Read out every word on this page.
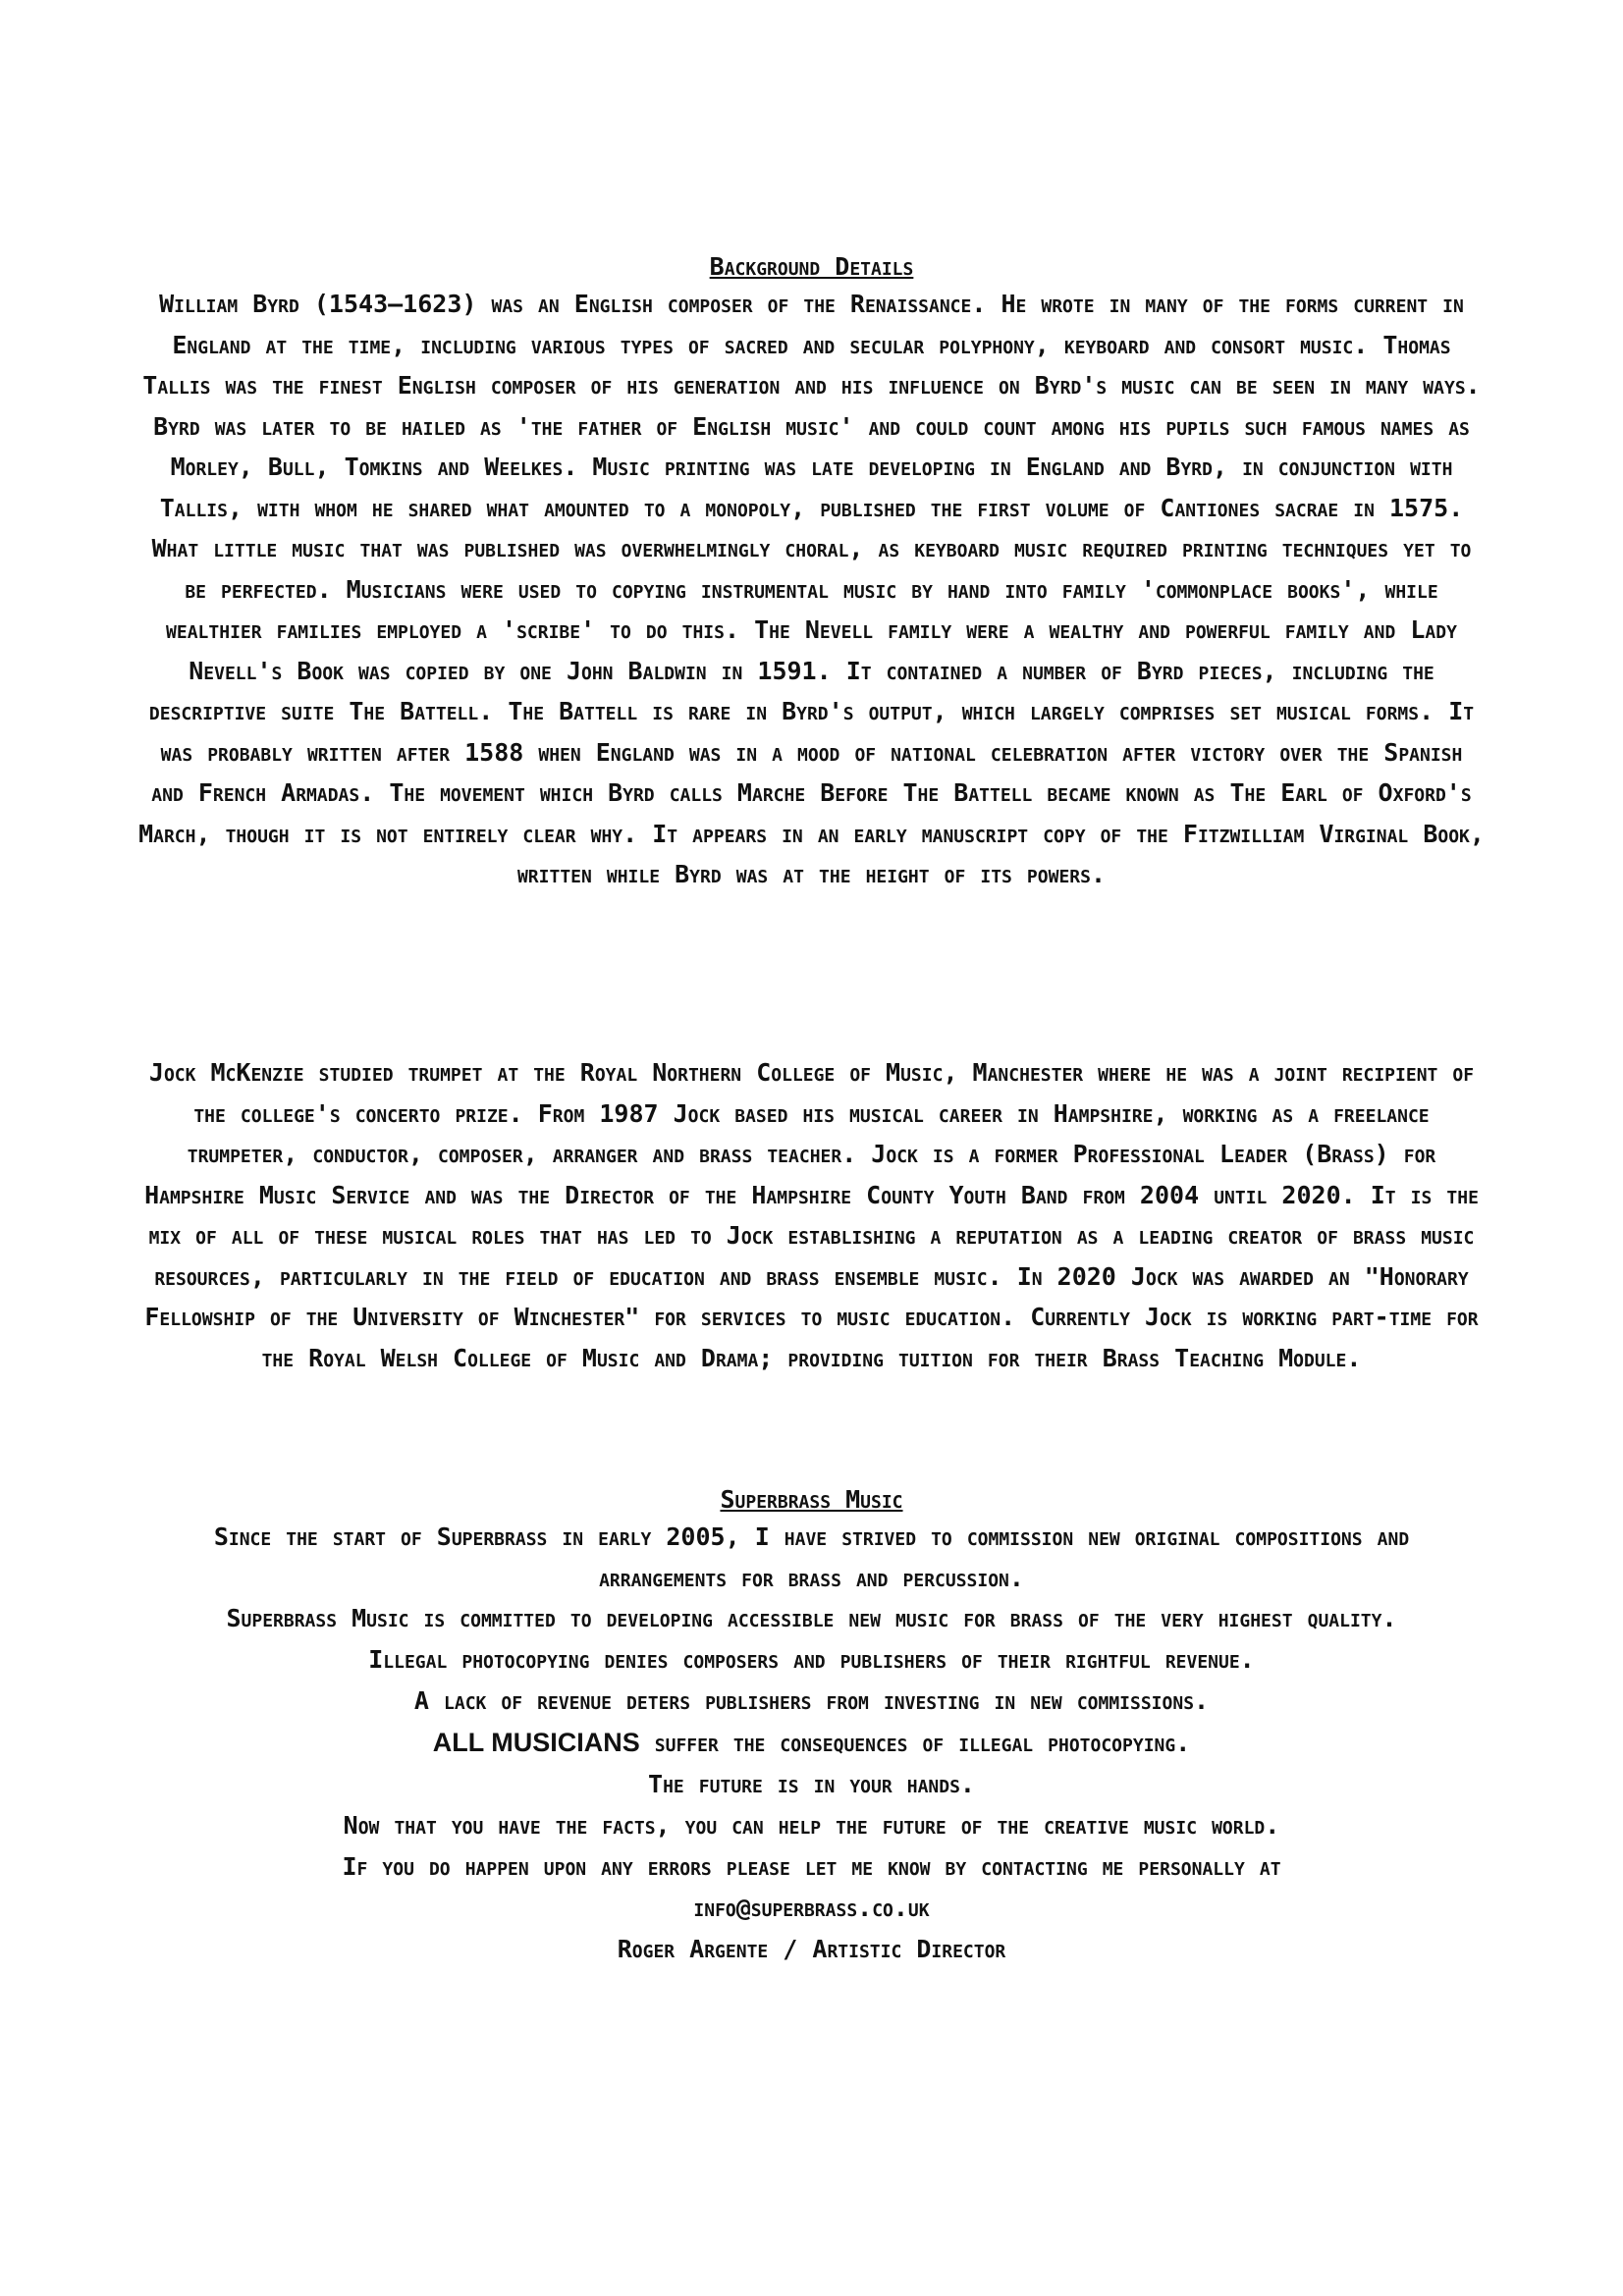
Background Details

William Byrd (1543–1623) was an English composer of the Renaissance. He wrote in many of the forms current in England at the time, including various types of sacred and secular polyphony, keyboard and consort music. Thomas Tallis was the finest English composer of his generation and his influence on Byrd's music can be seen in many ways. Byrd was later to be hailed as 'the father of English music' and could count among his pupils such famous names as Morley, Bull, Tomkins and Weelkes. Music printing was late developing in England and Byrd, in conjunction with Tallis, with whom he shared what amounted to a monopoly, published the first volume of Cantiones sacrae in 1575. What little music that was published was overwhelmingly choral, as keyboard music required printing techniques yet to be perfected. Musicians were used to copying instrumental music by hand into family 'commonplace books', while wealthier families employed a 'scribe' to do this. The Nevell family were a wealthy and powerful family and Lady Nevell's Book was copied by one John Baldwin in 1591. It contained a number of Byrd pieces, including the descriptive suite The Battell. The Battell is rare in Byrd's output, which largely comprises set musical forms. It was probably written after 1588 when England was in a mood of national celebration after victory over the Spanish and French Armadas. The movement which Byrd calls Marche Before The Battell became known as The Earl of Oxford's March, though it is not entirely clear why. It appears in an early manuscript copy of the Fitzwilliam Virginal Book, written while Byrd was at the height of its powers.

Jock McKenzie studied trumpet at the Royal Northern College of Music, Manchester where he was a joint recipient of the college's concerto prize. From 1987 Jock based his musical career in Hampshire, working as a freelance trumpeter, conductor, composer, arranger and brass teacher. Jock is a former Professional Leader (Brass) for Hampshire Music Service and was the Director of the Hampshire County Youth Band from 2004 until 2020. It is the mix of all of these musical roles that has led to Jock establishing a reputation as a leading creator of brass music resources, particularly in the field of education and brass ensemble music. In 2020 Jock was awarded an "Honorary Fellowship of the University of Winchester" for services to music education. Currently Jock is working part-time for the Royal Welsh College of Music and Drama; providing tuition for their Brass Teaching Module.

Superbrass Music

Since the start of Superbrass in early 2005, I have strived to commission new original compositions and arrangements for brass and percussion.

Superbrass Music is committed to developing accessible new music for brass of the very highest quality.

Illegal photocopying denies composers and publishers of their rightful revenue.

A lack of revenue deters publishers from investing in new commissions.

ALL MUSICIANS suffer the consequences of illegal photocopying.

The future is in your hands.

Now that you have the facts, you can help the future of the creative music world.

If you do happen upon any errors please let me know by contacting me personally at

info@superbrass.co.uk

Roger Argente / Artistic Director
